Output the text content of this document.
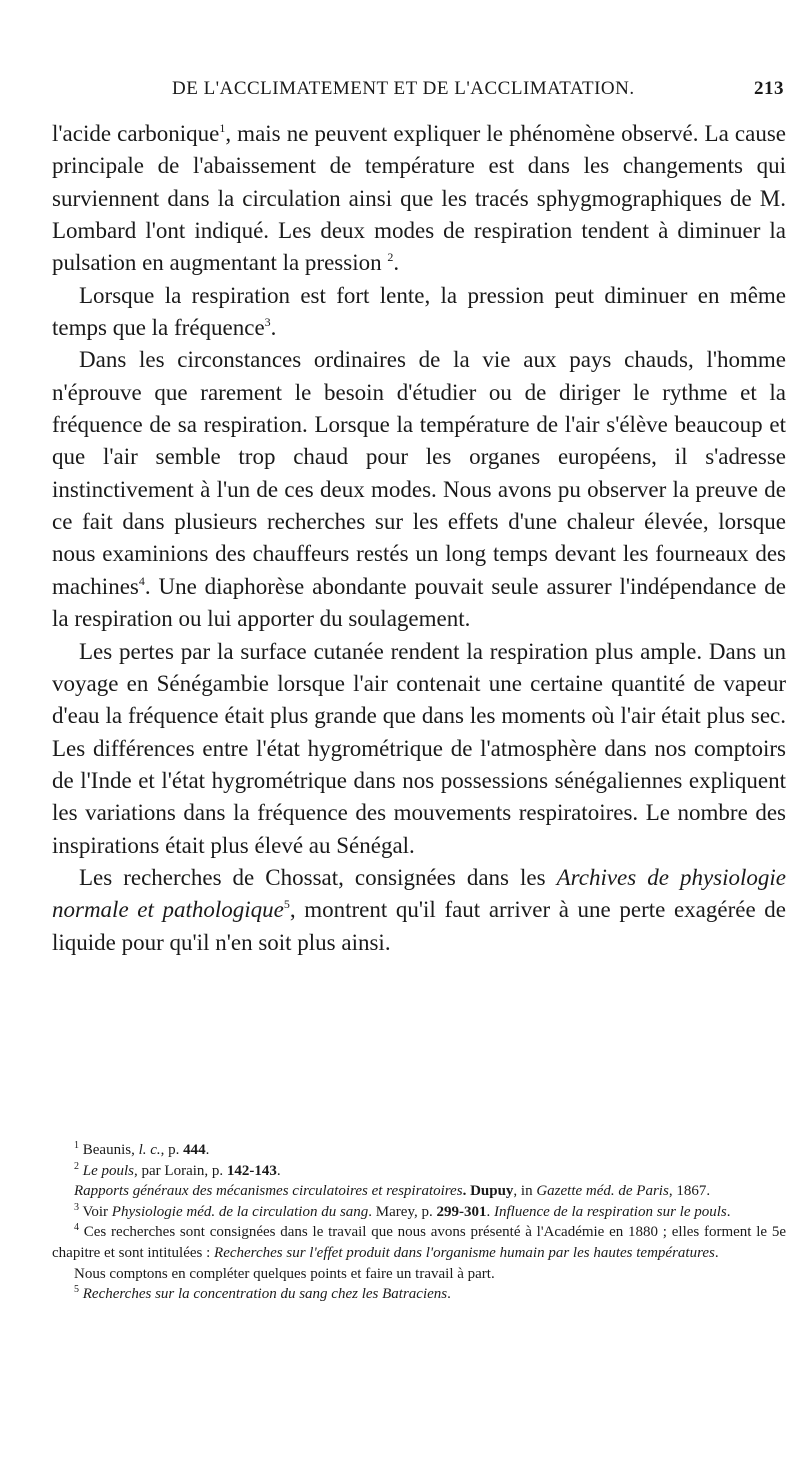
DE L'ACCLIMATEMENT ET DE L'ACCLIMATATION.	213

l'acide carbonique$^1$, mais ne peuvent expliquer le phénomène observé. La cause principale de l'abaissement de température est dans les changements qui surviennent dans la circulation ainsi que les tracés sphygmographiques de M. Lombard l'ont indiqué. Les deux modes de respiration tendent à diminuer la pulsation en augmentant la pression $^2$.

Lorsque la respiration est fort lente, la pression peut diminuer en même temps que la fréquence$^3$.

Dans les circonstances ordinaires de la vie aux pays chauds, l'homme n'éprouve que rarement le besoin d'étudier ou de diriger le rythme et la fréquence de sa respiration. Lorsque la température de l'air s'élève beaucoup et que l'air semble trop chaud pour les organes européens, il s'adresse instinctivement à l'un de ces deux modes. Nous avons pu observer la preuve de ce fait dans plusieurs recherches sur les effets d'une chaleur élevée, lorsque nous examinions des chauffeurs restés un long temps devant les fourneaux des machines$^4$. Une diaphorèse abondante pouvait seule assurer l'indépendance de la respiration ou lui apporter du soulagement.

Les pertes par la surface cutanée rendent la respiration plus ample. Dans un voyage en Sénégambie lorsque l'air contenait une certaine quantité de vapeur d'eau la fréquence était plus grande que dans les moments où l'air était plus sec. Les différences entre l'état hygrométrique de l'atmosphère dans nos comptoirs de l'Inde et l'état hygrométrique dans nos possessions sénégaliennes expliquent les variations dans la fréquence des mouvements respiratoires. Le nombre des inspirations était plus élevé au Sénégal.

Les recherches de Chossat, consignées dans les Archives de physiologie normale et pathologique$^5$, montrent qu'il faut arriver à une perte exagérée de liquide pour qu'il n'en soit plus ainsi.

$^1$ Beaunis, l. c., p. 444.

$^2$ Le pouls, par Lorain, p. 142-143.

Rapports généraux des mécanismes circulatoires et respiratoires. Dupuy, in Gazette méd. de Paris, 1867.

$^3$ Voir Physiologie méd. de la circulation du sang. Marey, p. 299-301. Influence de la respiration sur le pouls.

$^4$ Ces recherches sont consignées dans le travail que nous avons présenté à l'Académie en 1880 ; elles forment le 5e chapitre et sont intitulées : Recherches sur l'effet produit dans l'organisme humain par les hautes températures.

Nous comptons en compléter quelques points et faire un travail à part.

$^5$ Recherches sur la concentration du sang chez les Batraciens.
